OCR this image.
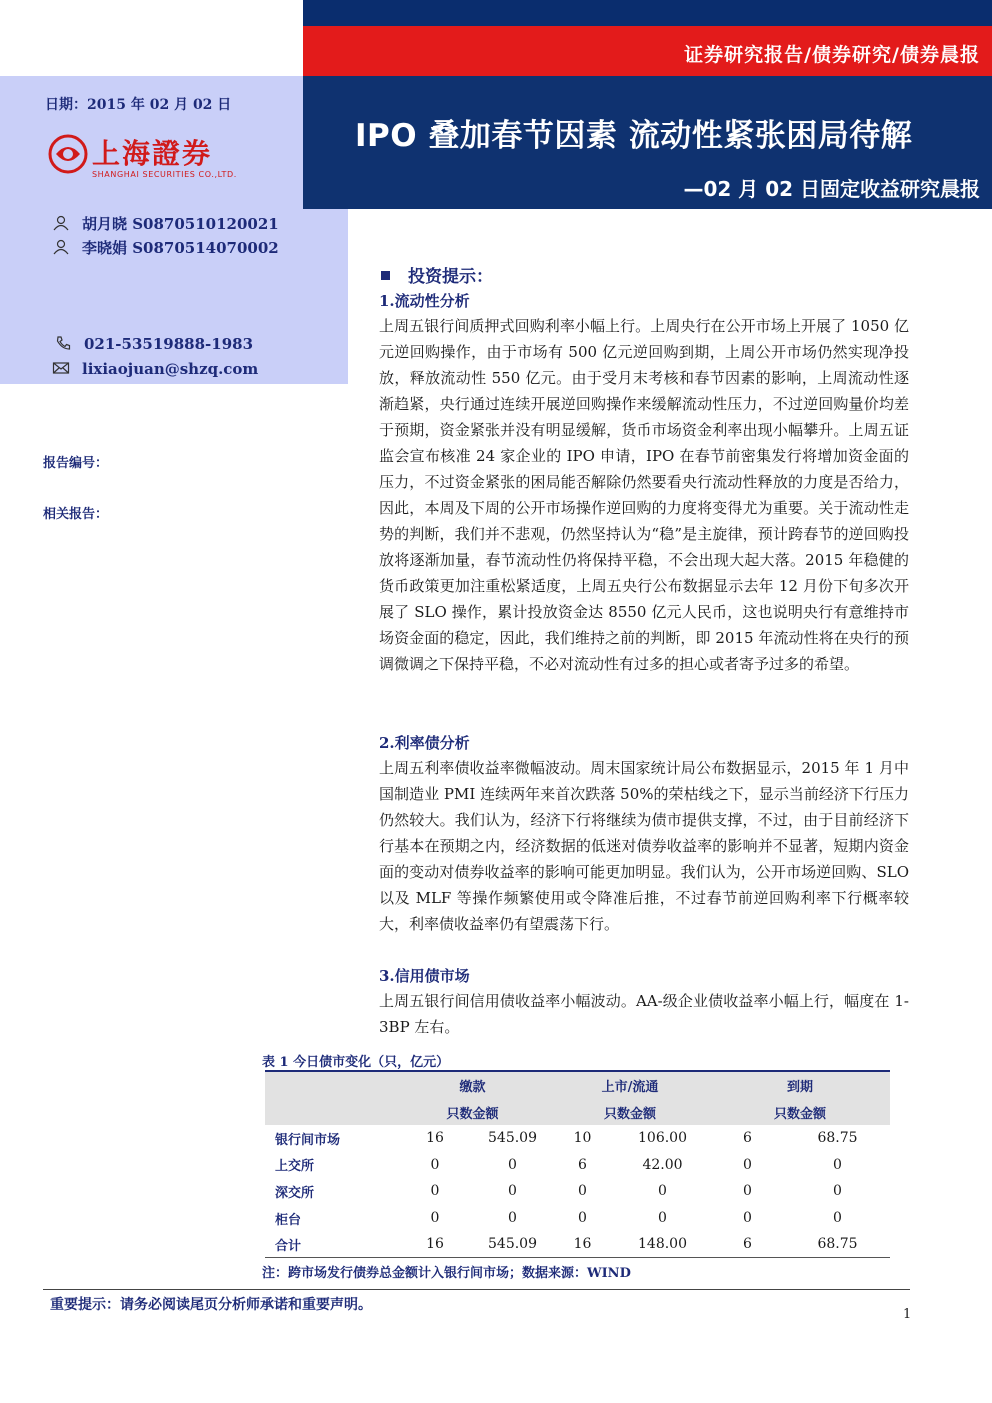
证券研究报告/债券研究/债券晨报
IPO 叠加春节因素 流动性紧张困局待解
—02 月 02 日固定收益研究晨报
日期：2015 年 02 月 02 日
上海證券
SHANGHAI SECURITIES CO.,LTD.
胡月晓 S0870510120021
李晓娟 S0870514070002
021-53519888-1983
lixiaojuan@shzq.com
报告编号：
相关报告：
投资提示：
1.流动性分析
上周五银行间质押式回购利率小幅上行。上周央行在公开市场上开展了 1050 亿元逆回购操作，由于市场有 500 亿元逆回购到期，上周公开市场仍然实现净投放，释放流动性 550 亿元。由于受月末考核和春节因素的影响，上周流动性逐渐趋紧，央行通过连续开展逆回购操作来缓解流动性压力，不过逆回购量价均差于预期，资金紧张并没有明显缓解，货币市场资金利率出现小幅攀升。上周五证监会宣布核准 24 家企业的 IPO 申请，IPO 在春节前密集发行将增加资金面的压力，不过资金紧张的困局能否解除仍然要看央行流动性释放的力度是否给力，因此，本周及下周的公开市场操作逆回购的力度将变得尤为重要。关于流动性走势的判断，我们并不悲观，仍然坚持认为“稳”是主旋律，预计跨春节的逆回购投放将逐渐加量，春节流动性仍将保持平稳，不会出现大起大落。2015 年稳健的货币政策更加注重松紧适度，上周五央行公布数据显示去年 12 月份下旬多次开展了 SLO 操作，累计投放资金达 8550 亿元人民币，这也说明央行有意维持市场资金面的稳定，因此，我们维持之前的判断，即 2015 年流动性将在央行的预调微调之下保持平稳，不必对流动性有过多的担心或者寄予过多的希望。
2.利率债分析
上周五利率债收益率微幅波动。周末国家统计局公布数据显示，2015 年 1 月中国制造业 PMI 连续两年来首次跌落 50%的荣枯线之下，显示当前经济下行压力仍然较大。我们认为，经济下行将继续为债市提供支撑，不过，由于目前经济下行基本在预期之内，经济数据的低迷对债券收益率的影响并不显著，短期内资金面的变动对债券收益率的影响可能更加明显。我们认为，公开市场逆回购、SLO 以及 MLF 等操作频繁使用或令降准后推，不过春节前逆回购利率下行概率较大，利率债收益率仍有望震荡下行。
3.信用债市场
上周五银行间信用债收益率小幅波动。AA-级企业债收益率小幅上行，幅度在 1-3BP 左右。
表 1 今日债市变化（只，亿元）
	缴款		上市/流通		到期	
	只数金额		只数金额		只数金额	
银行间市场	16	545.09	10	106.00	6	68.75
上交所	0	0	6	42.00	0	0
深交所	0	0	0	0	0	0
柜台	0	0	0	0	0	0
合计	16	545.09	16	148.00	6	68.75
注：跨市场发行债券总金额计入银行间市场；数据来源：WIND
重要提示：请务必阅读尾页分析师承诺和重要声明。
1
